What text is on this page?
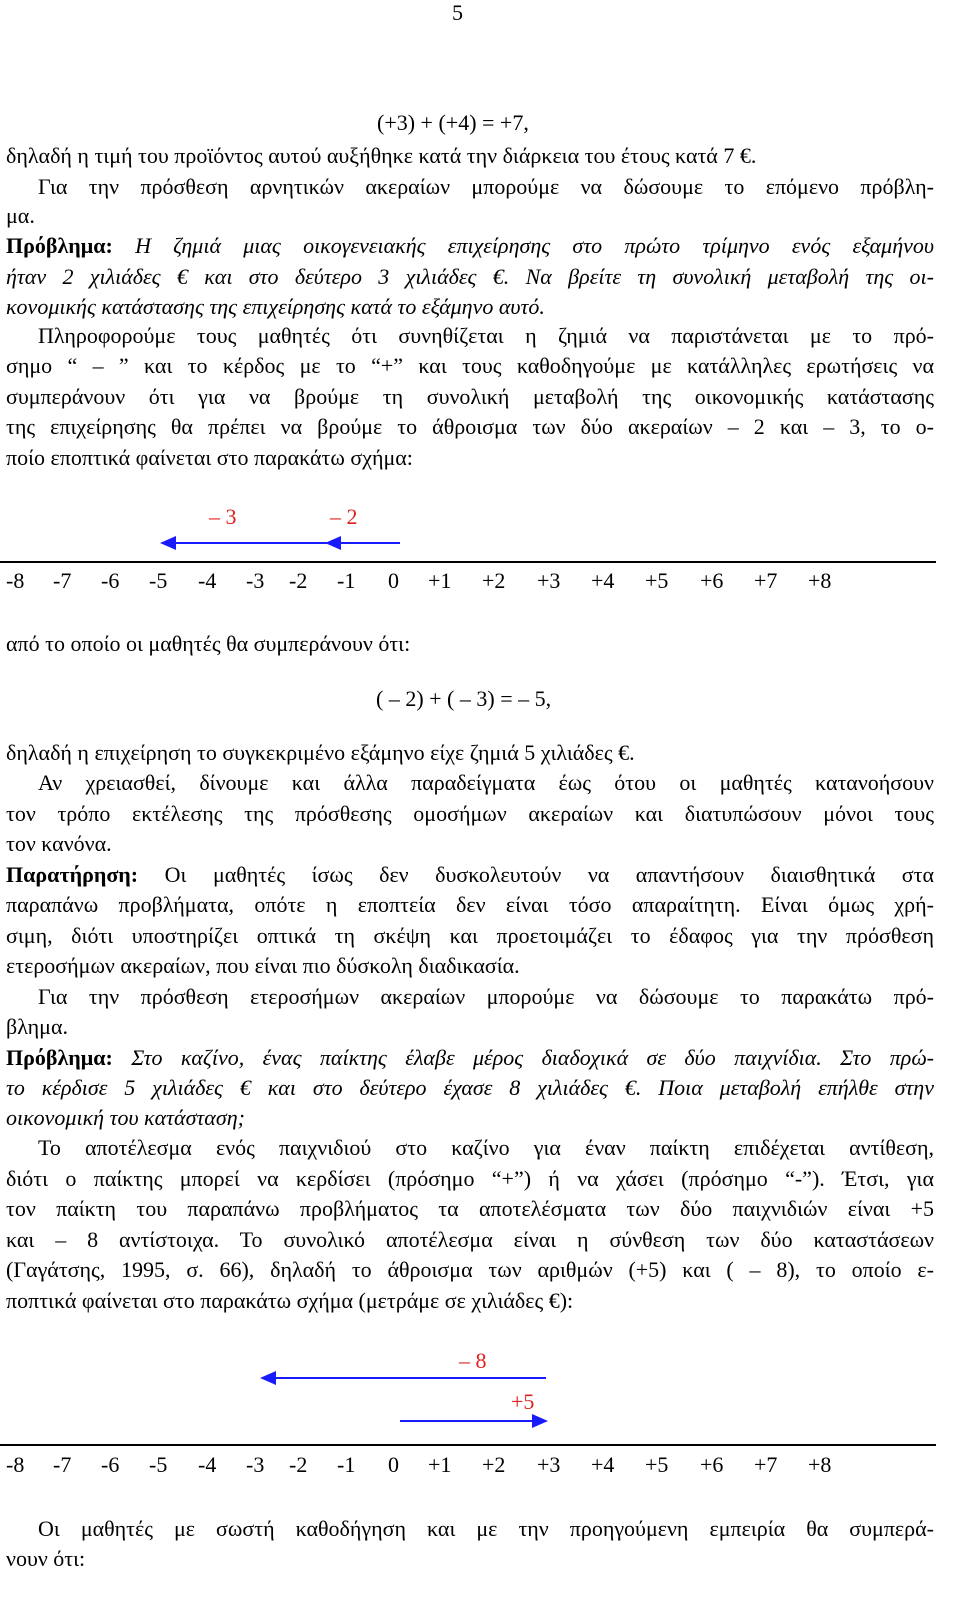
5
(+3) + (+4) = +7,
δηλαδή η τιμή του προϊόντος αυτού αυξήθηκε κατά την διάρκεια του έτους κατά 7 €.
Για την πρόσθεση αρνητικών ακεραίων μπορούμε να δώσουμε το επόμενο πρόβλη-
μα.
Πρόβλημα: Η ζημιά μιας οικογενειακής επιχείρησης στο πρώτο τρίμηνο ενός εξαμήνου
ήταν 2 χιλιάδες € και στο δεύτερο 3 χιλιάδες €. Να βρείτε τη συνολική μεταβολή της οι-
κονομικής κατάστασης της επιχείρησης κατά το εξάμηνο αυτό.
Πληροφορούμε τους μαθητές ότι συνηθίζεται η ζημιά να παριστάνεται με το πρό-
σημο “ – ” και το κέρδος με το “+” και τους καθοδηγούμε με κατάλληλες ερωτήσεις να
συμπεράνουν ότι για να βρούμε τη συνολική μεταβολή της οικονομικής κατάστασης
της επιχείρησης θα πρέπει να βρούμε το άθροισμα των δύο ακεραίων – 2 και – 3, το ο-
ποίο εποπτικά φαίνεται στο παρακάτω σχήμα:
– 3	– 2
-8 -7 -6 -5 -4 -3 -2 -1 0 +1 +2 +3 +4 +5 +6 +7 +8
από το οποίο οι μαθητές θα συμπεράνουν ότι:
( – 2) + ( – 3) = – 5,
δηλαδή η επιχείρηση το συγκεκριμένο εξάμηνο είχε ζημιά 5 χιλιάδες €.
Αν χρειασθεί, δίνουμε και άλλα παραδείγματα έως ότου οι μαθητές κατανοήσουν
τον τρόπο εκτέλεσης της πρόσθεσης ομοσήμων ακεραίων και διατυπώσουν μόνοι τους
τον κανόνα.
Παρατήρηση: Οι μαθητές ίσως δεν δυσκολευτούν να απαντήσουν διαισθητικά στα
παραπάνω προβλήματα, οπότε η εποπτεία δεν είναι τόσο απαραίτητη. Είναι όμως χρή-
σιμη, διότι υποστηρίζει οπτικά τη σκέψη και προετοιμάζει το έδαφος για την πρόσθεση
ετεροσήμων ακεραίων, που είναι πιο δύσκολη διαδικασία.
Για την πρόσθεση ετεροσήμων ακεραίων μπορούμε να δώσουμε το παρακάτω πρό-
βλημα.
Πρόβλημα: Στο καζίνο, ένας παίκτης έλαβε μέρος διαδοχικά σε δύο παιχνίδια. Στο πρώ-
το κέρδισε 5 χιλιάδες € και στο δεύτερο έχασε 8 χιλιάδες €. Ποια μεταβολή επήλθε στην
οικονομική του κατάσταση;
Το αποτέλεσμα ενός παιχνιδιού στο καζίνο για έναν παίκτη επιδέχεται αντίθεση,
διότι ο παίκτης μπορεί να κερδίσει (πρόσημο “+”) ή να χάσει (πρόσημο “-”). Έτσι, για
τον παίκτη του παραπάνω προβλήματος τα αποτελέσματα των δύο παιχνιδιών είναι +5
και – 8 αντίστοιχα. Το συνολικό αποτέλεσμα είναι η σύνθεση των δύο καταστάσεων
(Γαγάτσης, 1995, σ. 66), δηλαδή το άθροισμα των αριθμών (+5) και ( – 8), το οποίο ε-
ποπτικά φαίνεται στο παρακάτω σχήμα (μετράμε σε χιλιάδες €):
– 8
+5
-8 -7 -6 -5 -4 -3 -2 -1 0 +1 +2 +3 +4 +5 +6 +7 +8
Οι μαθητές με σωστή καθοδήγηση και με την προηγούμενη εμπειρία θα συμπερά-
νουν ότι:
